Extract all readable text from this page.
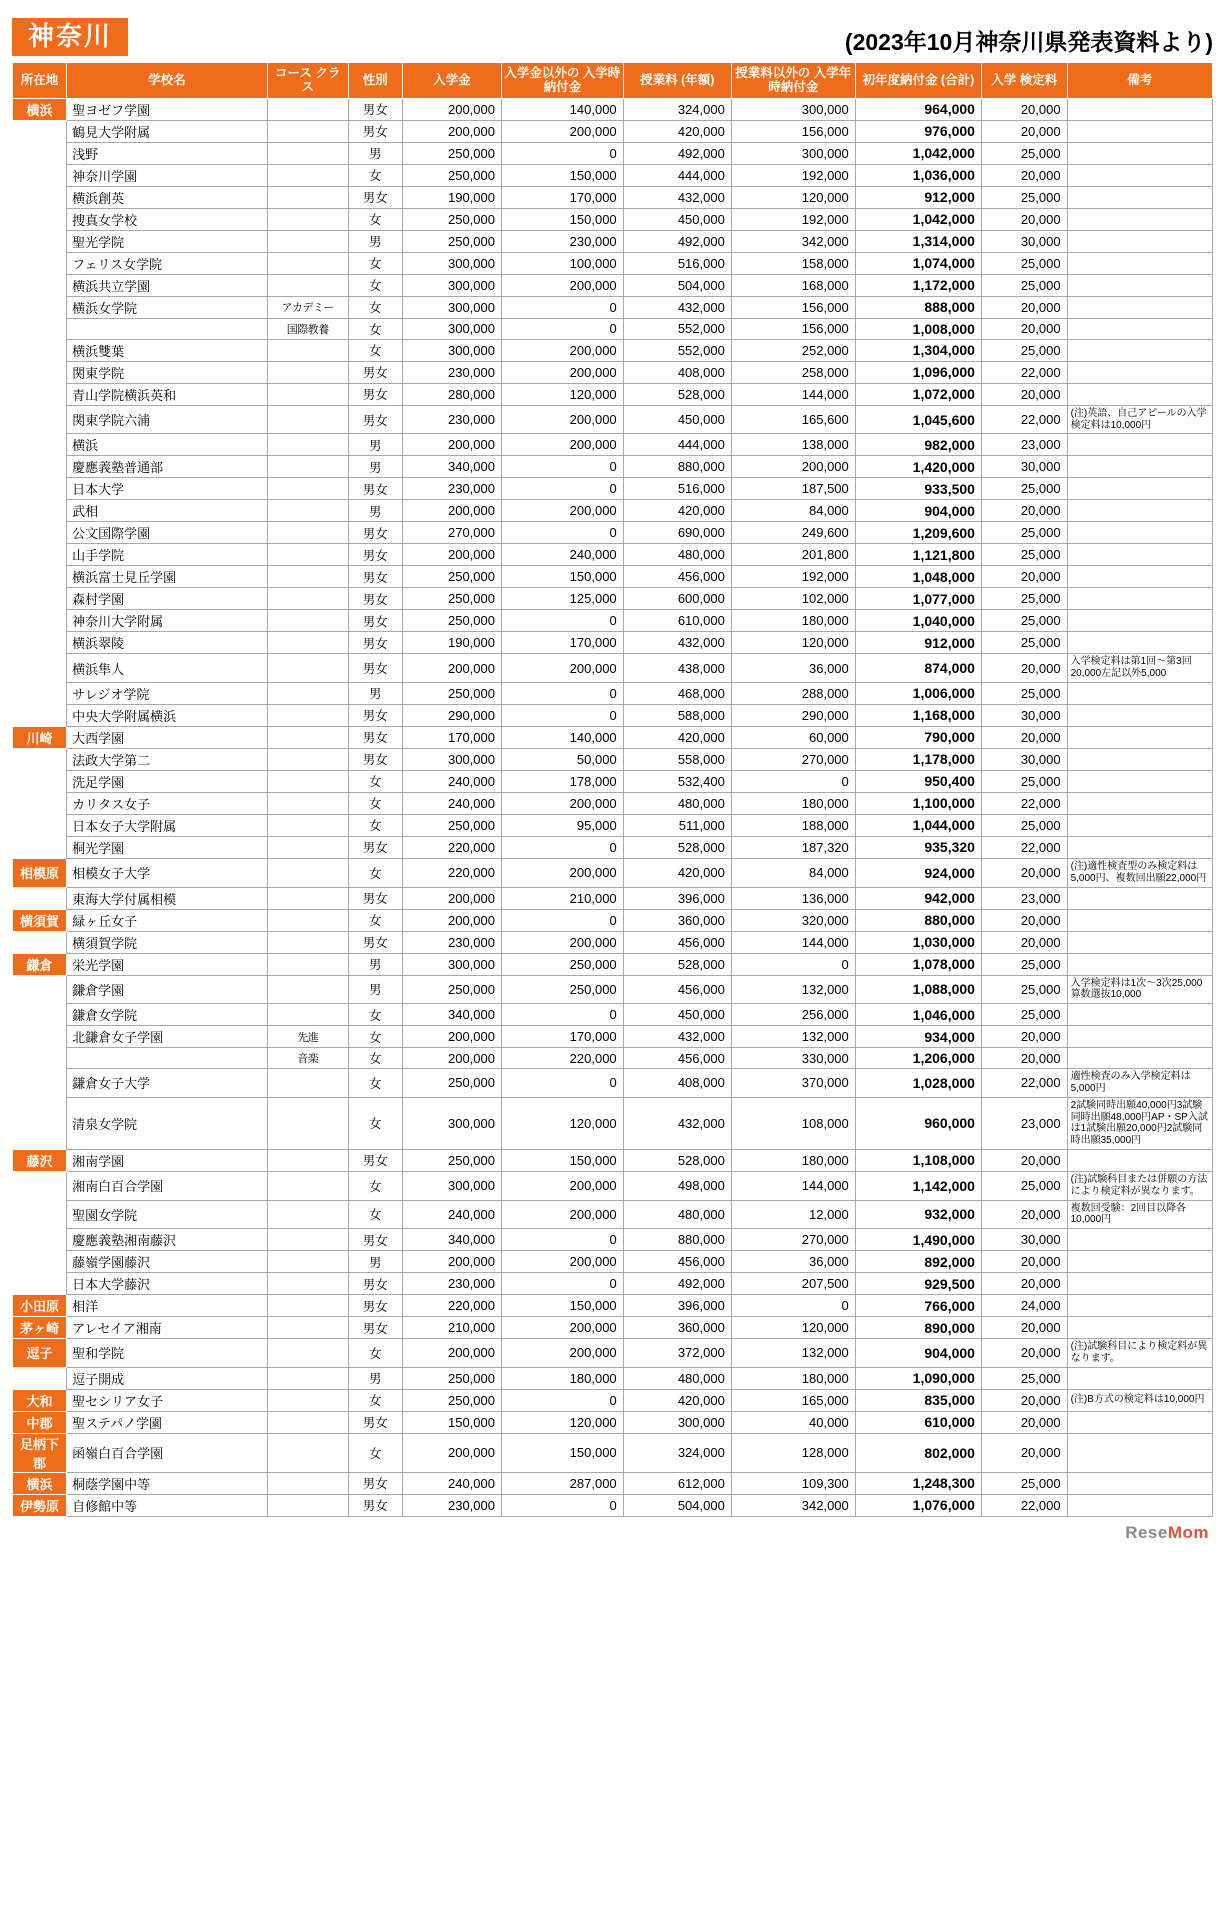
神奈川	(2023年10月神奈川県発表資料より)
所在地	学校名	コース クラス	性別	入学金	入学金以外の 入学時納付金	授業料 (年額)	授業料以外の 入学年時納付金	初年度納付金 (合計)	入学 検定料	備考
横浜	聖ヨゼフ学園		男女	200,000	140,000	324,000	300,000	964,000	20,000	
	鶴見大学附属		男女	200,000	200,000	420,000	156,000	976,000	20,000	
	浅野		男	250,000	0	492,000	300,000	1,042,000	25,000	
	神奈川学園		女	250,000	150,000	444,000	192,000	1,036,000	20,000	
	横浜創英		男女	190,000	170,000	432,000	120,000	912,000	25,000	
	捜真女学校		女	250,000	150,000	450,000	192,000	1,042,000	20,000	
	聖光学院		男	250,000	230,000	492,000	342,000	1,314,000	30,000	
	フェリス女学院		女	300,000	100,000	516,000	158,000	1,074,000	25,000	
	横浜共立学園		女	300,000	200,000	504,000	168,000	1,172,000	25,000	
	横浜女学院	アカデミー	女	300,000	0	432,000	156,000	888,000	20,000	
		国際教養	女	300,000	0	552,000	156,000	1,008,000	20,000	
	横浜雙葉		女	300,000	200,000	552,000	252,000	1,304,000	25,000	
	関東学院		男女	230,000	200,000	408,000	258,000	1,096,000	22,000	
	青山学院横浜英和		男女	280,000	120,000	528,000	144,000	1,072,000	20,000	
	関東学院六浦		男女	230,000	200,000	450,000	165,600	1,045,600	22,000	(注)英語、自己アピールの入学検定料は10,000円
	横浜		男	200,000	200,000	444,000	138,000	982,000	23,000	
	慶應義塾普通部		男	340,000	0	880,000	200,000	1,420,000	30,000	
	日本大学		男女	230,000	0	516,000	187,500	933,500	25,000	
	武相		男	200,000	200,000	420,000	84,000	904,000	20,000	
	公文国際学園		男女	270,000	0	690,000	249,600	1,209,600	25,000	
	山手学院		男女	200,000	240,000	480,000	201,800	1,121,800	25,000	
	横浜富士見丘学園		男女	250,000	150,000	456,000	192,000	1,048,000	20,000	
	森村学園		男女	250,000	125,000	600,000	102,000	1,077,000	25,000	
	神奈川大学附属		男女	250,000	0	610,000	180,000	1,040,000	25,000	
	横浜翠陵		男女	190,000	170,000	432,000	120,000	912,000	25,000	
	横浜隼人		男女	200,000	200,000	438,000	36,000	874,000	20,000	入学検定料は第1回～第3回20,000左記以外5,000
	サレジオ学院		男	250,000	0	468,000	288,000	1,006,000	25,000	
	中央大学附属横浜		男女	290,000	0	588,000	290,000	1,168,000	30,000	
川崎	大西学園		男女	170,000	140,000	420,000	60,000	790,000	20,000	
	法政大学第二		男女	300,000	50,000	558,000	270,000	1,178,000	30,000	
	洗足学園		女	240,000	178,000	532,400	0	950,400	25,000	
	カリタス女子		女	240,000	200,000	480,000	180,000	1,100,000	22,000	
	日本女子大学附属		女	250,000	95,000	511,000	188,000	1,044,000	25,000	
	桐光学園		男女	220,000	0	528,000	187,320	935,320	22,000	
相模原	相模女子大学		女	220,000	200,000	420,000	84,000	924,000	20,000	(注)適性検査型のみ検定料は5,000円、複数回出願22,000円
	東海大学付属相模		男女	200,000	210,000	396,000	136,000	942,000	23,000	
横須賀	緑ヶ丘女子		女	200,000	0	360,000	320,000	880,000	20,000	
	横須賀学院		男女	230,000	200,000	456,000	144,000	1,030,000	20,000	
鎌倉	栄光学園		男	300,000	250,000	528,000	0	1,078,000	25,000	
	鎌倉学園		男	250,000	250,000	456,000	132,000	1,088,000	25,000	入学検定料は1次～3次25,000算数選抜10,000
	鎌倉女学院		女	340,000	0	450,000	256,000	1,046,000	25,000	
	北鎌倉女子学園	先進	女	200,000	170,000	432,000	132,000	934,000	20,000	
		音楽	女	200,000	220,000	456,000	330,000	1,206,000	20,000	
	鎌倉女子大学		女	250,000	0	408,000	370,000	1,028,000	22,000	適性検査のみ入学検定料は5,000円
	清泉女学院		女	300,000	120,000	432,000	108,000	960,000	23,000	2試験同時出願40,000円3試験同時出願48,000円AP・SP入試は1試験出願20,000円2試験同時出願35,000円
藤沢	湘南学園		男女	250,000	150,000	528,000	180,000	1,108,000	20,000	
	湘南白百合学園		女	300,000	200,000	498,000	144,000	1,142,000	25,000	(注)試験科目または併願の方法により検定料が異なります。
	聖園女学院		女	240,000	200,000	480,000	12,000	932,000	20,000	複数回受験：2回目以降各10,000円
	慶應義塾湘南藤沢		男女	340,000	0	880,000	270,000	1,490,000	30,000	
	藤嶺学園藤沢		男	200,000	200,000	456,000	36,000	892,000	20,000	
	日本大学藤沢		男女	230,000	0	492,000	207,500	929,500	20,000	
小田原	相洋		男女	220,000	150,000	396,000	0	766,000	24,000	
茅ヶ崎	アレセイア湘南		男女	210,000	200,000	360,000	120,000	890,000	20,000	
逗子	聖和学院		女	200,000	200,000	372,000	132,000	904,000	20,000	(注)試験科目により検定料が異なります。
	逗子開成		男	250,000	180,000	480,000	180,000	1,090,000	25,000	
大和	聖セシリア女子		女	250,000	0	420,000	165,000	835,000	20,000	(注)B方式の検定料は10,000円
中郡	聖ステパノ学園		男女	150,000	120,000	300,000	40,000	610,000	20,000	
足柄下郡	函嶺白百合学園		女	200,000	150,000	324,000	128,000	802,000	20,000	
横浜	桐蔭学園中等		男女	240,000	287,000	612,000	109,300	1,248,300	25,000	
伊勢原	自修館中等		男女	230,000	0	504,000	342,000	1,076,000	22,000	
ReseMom
